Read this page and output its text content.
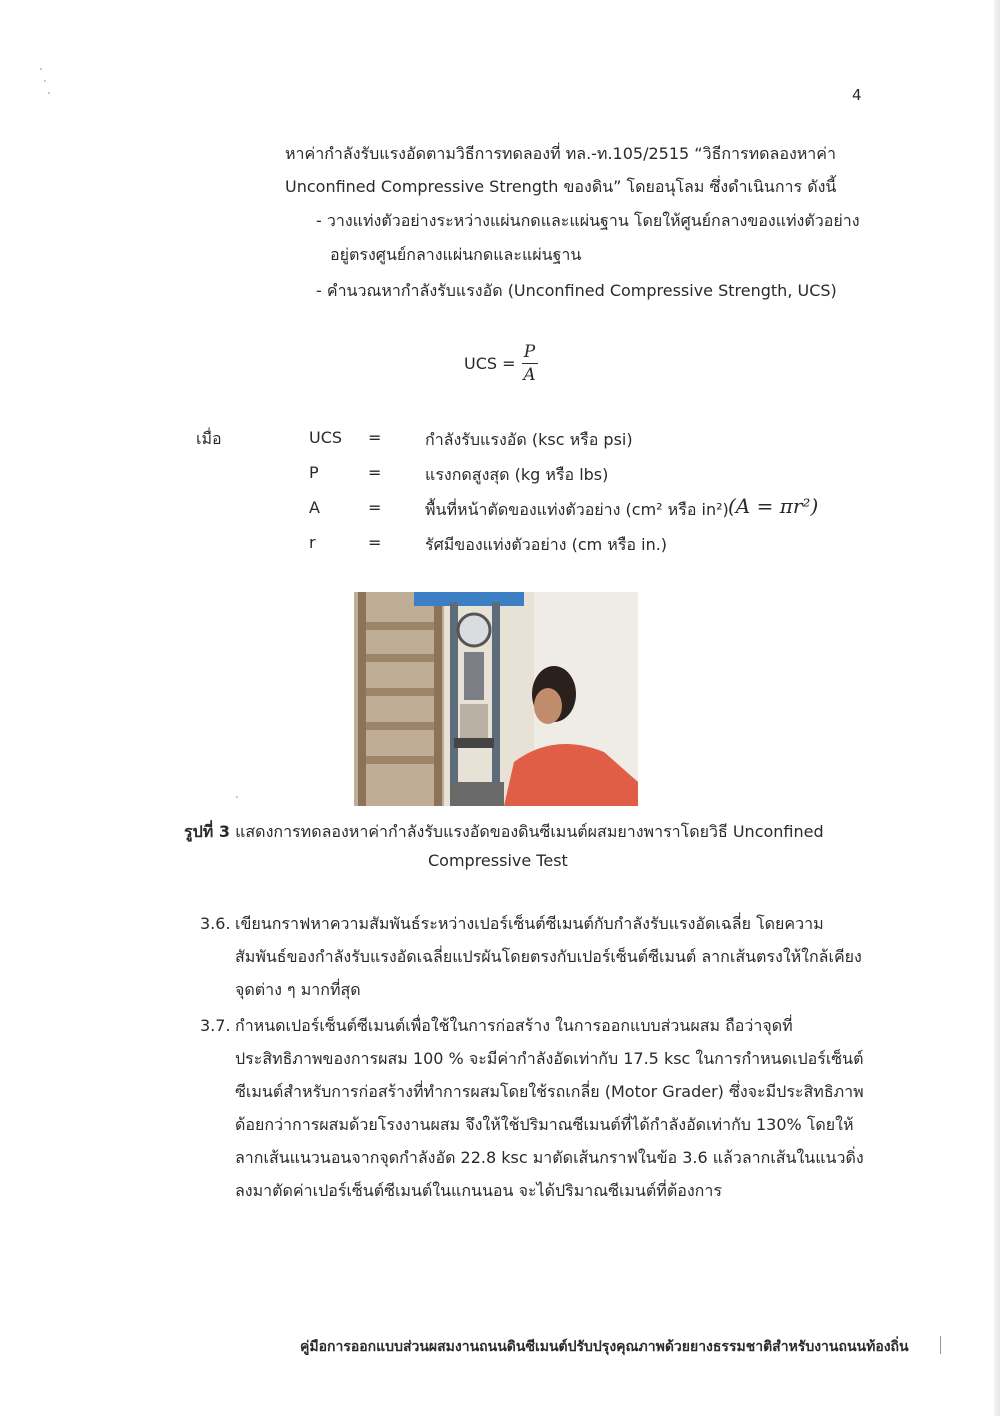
4
หาค่ากำลังรับแรงอัดตามวิธีการทดลองที่ ทล.-ท.105/2515 “วิธีการทดลองหาค่า
Unconfined Compressive Strength ของดิน” โดยอนุโลม ซึ่งดำเนินการ ดังนี้
- วางแท่งตัวอย่างระหว่างแผ่นกดและแผ่นฐาน โดยให้ศูนย์กลางของแท่งตัวอย่าง
อยู่ตรงศูนย์กลางแผ่นกดและแผ่นฐาน
- คำนวณหากำลังรับแรงอัด (Unconfined Compressive Strength, UCS)
UCS = $\frac{P}{A}$
เมื่อ	UCS =	กำลังรับแรงอัด (ksc หรือ psi)
P	=	แรงกดสูงสุด (kg หรือ lbs)
A	=	พื้นที่หน้าตัดของแท่งตัวอย่าง (cm² หรือ in²) (A = πr²)
r	=	รัศมีของแท่งตัวอย่าง (cm หรือ in.)
รูปที่ 3 แสดงการทดลองหาค่ากำลังรับแรงอัดของดินซีเมนต์ผสมยางพาราโดยวิธี Unconfined
Compressive Test
3.6. เขียนกราฟหาความสัมพันธ์ระหว่างเปอร์เซ็นต์ซีเมนต์กับกำลังรับแรงอัดเฉลี่ย โดยความ
สัมพันธ์ของกำลังรับแรงอัดเฉลี่ยแปรผันโดยตรงกับเปอร์เซ็นต์ซีเมนต์ ลากเส้นตรงให้ใกล้เคียง
จุดต่าง ๆ มากที่สุด
3.7. กำหนดเปอร์เซ็นต์ซีเมนต์เพื่อใช้ในการก่อสร้าง ในการออกแบบส่วนผสม ถือว่าจุดที่
ประสิทธิภาพของการผสม 100 % จะมีค่ากำลังอัดเท่ากับ 17.5 ksc ในการกำหนดเปอร์เซ็นต์
ซีเมนต์สำหรับการก่อสร้างที่ทำการผสมโดยใช้รถเกลี่ย (Motor Grader) ซึ่งจะมีประสิทธิภาพ
ด้อยกว่าการผสมด้วยโรงงานผสม จึงให้ใช้ปริมาณซีเมนต์ที่ได้กำลังอัดเท่ากับ 130% โดยให้
ลากเส้นแนวนอนจากจุดกำลังอัด 22.8 ksc มาตัดเส้นกราฟในข้อ 3.6 แล้วลากเส้นในแนวดิ่ง
ลงมาตัดค่าเปอร์เซ็นต์ซีเมนต์ในแกนนอน จะได้ปริมาณซีเมนต์ที่ต้องการ
คู่มือการออกแบบส่วนผสมงานถนนดินซีเมนต์ปรับปรุงคุณภาพด้วยยางธรรมชาติสำหรับงานถนนท้องถิ่น
